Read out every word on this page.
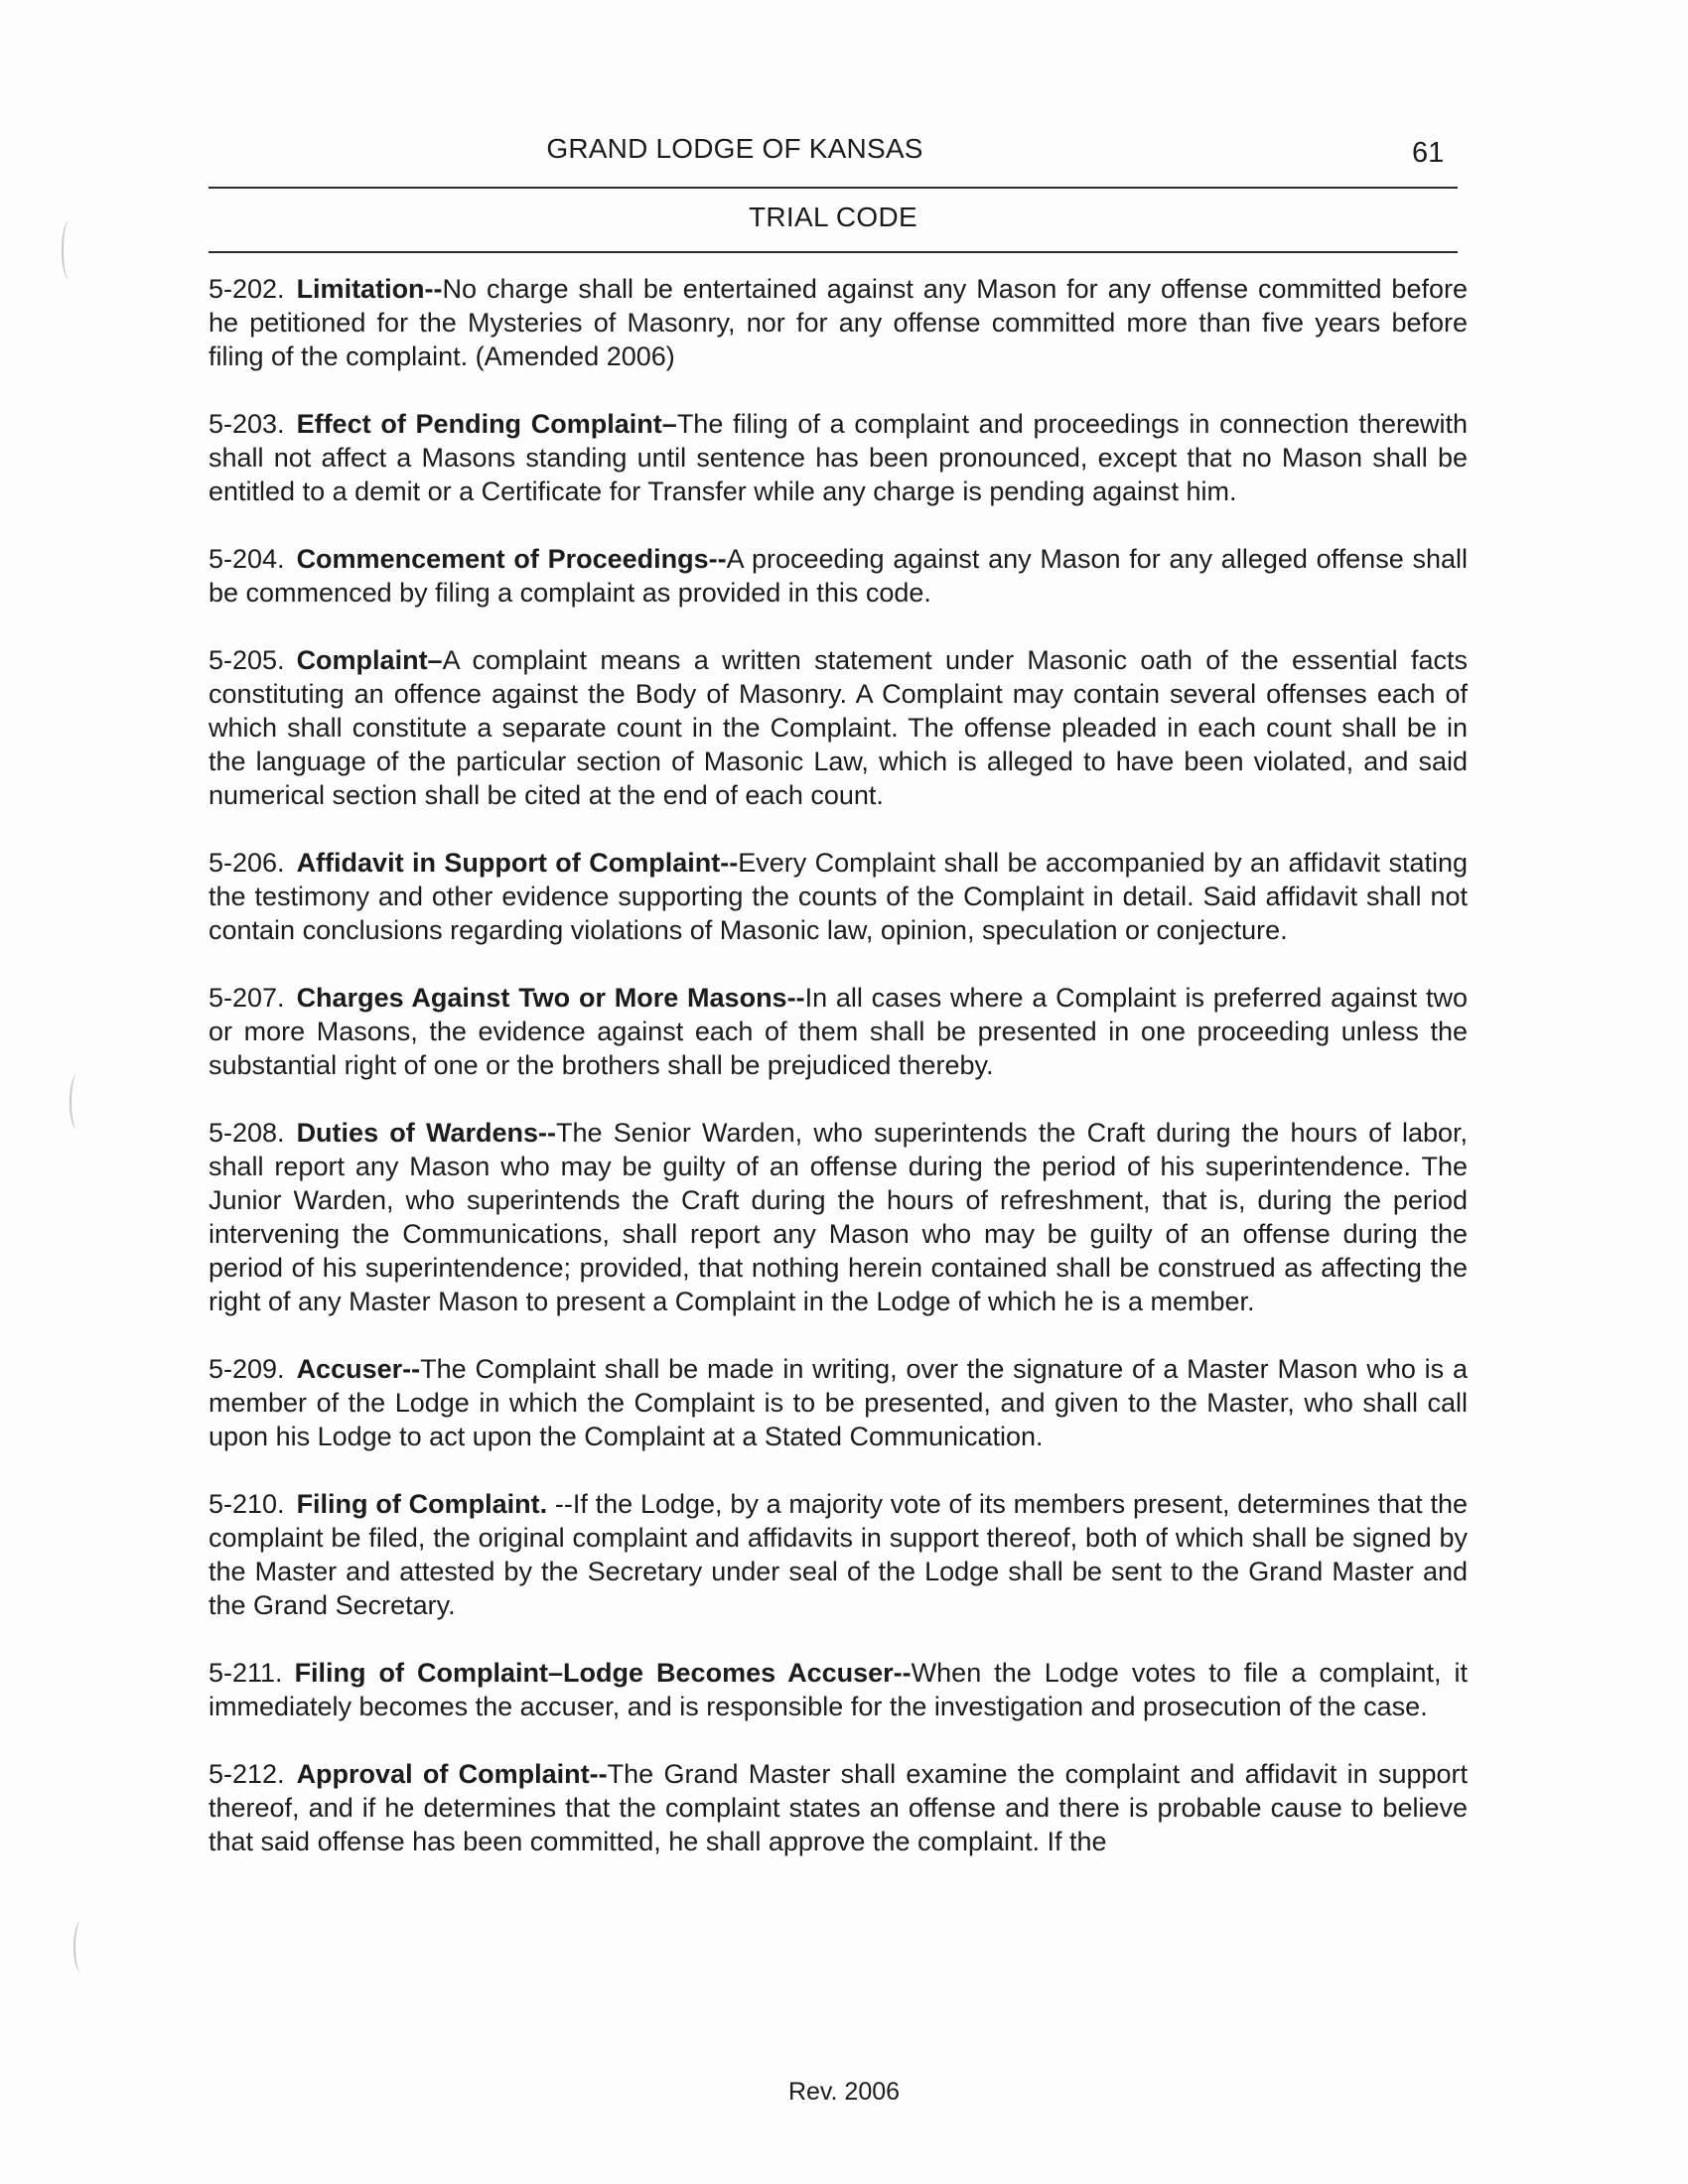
GRAND LODGE OF KANSAS	61
TRIAL CODE

5-202. Limitation--No charge shall be entertained against any Mason for any offense committed before he petitioned for the Mysteries of Masonry, nor for any offense committed more than five years before filing of the complaint. (Amended 2006)

5-203. Effect of Pending Complaint–The filing of a complaint and proceedings in connection therewith shall not affect a Masons standing until sentence has been pronounced, except that no Mason shall be entitled to a demit or a Certificate for Transfer while any charge is pending against him.

5-204. Commencement of Proceedings--A proceeding against any Mason for any alleged offense shall be commenced by filing a complaint as provided in this code.

5-205. Complaint–A complaint means a written statement under Masonic oath of the essential facts constituting an offence against the Body of Masonry. A Complaint may contain several offenses each of which shall constitute a separate count in the Complaint. The offense pleaded in each count shall be in the language of the particular section of Masonic Law, which is alleged to have been violated, and said numerical section shall be cited at the end of each count.

5-206. Affidavit in Support of Complaint--Every Complaint shall be accompanied by an affidavit stating the testimony and other evidence supporting the counts of the Complaint in detail. Said affidavit shall not contain conclusions regarding violations of Masonic law, opinion, speculation or conjecture.

5-207. Charges Against Two or More Masons--In all cases where a Complaint is preferred against two or more Masons, the evidence against each of them shall be presented in one proceeding unless the substantial right of one or the brothers shall be prejudiced thereby.

5-208. Duties of Wardens--The Senior Warden, who superintends the Craft during the hours of labor, shall report any Mason who may be guilty of an offense during the period of his superintendence. The Junior Warden, who superintends the Craft during the hours of refreshment, that is, during the period intervening the Communications, shall report any Mason who may be guilty of an offense during the period of his superintendence; provided, that nothing herein contained shall be construed as affecting the right of any Master Mason to present a Complaint in the Lodge of which he is a member.

5-209. Accuser--The Complaint shall be made in writing, over the signature of a Master Mason who is a member of the Lodge in which the Complaint is to be presented, and given to the Master, who shall call upon his Lodge to act upon the Complaint at a Stated Communication.

5-210. Filing of Complaint. --If the Lodge, by a majority vote of its members present, determines that the complaint be filed, the original complaint and affidavits in support thereof, both of which shall be signed by the Master and attested by the Secretary under seal of the Lodge shall be sent to the Grand Master and the Grand Secretary.

5-211. Filing of Complaint–Lodge Becomes Accuser--When the Lodge votes to file a complaint, it immediately becomes the accuser, and is responsible for the investigation and prosecution of the case.

5-212. Approval of Complaint--The Grand Master shall examine the complaint and affidavit in support thereof, and if he determines that the complaint states an offense and there is probable cause to believe that said offense has been committed, he shall approve the complaint. If the

Rev. 2006
